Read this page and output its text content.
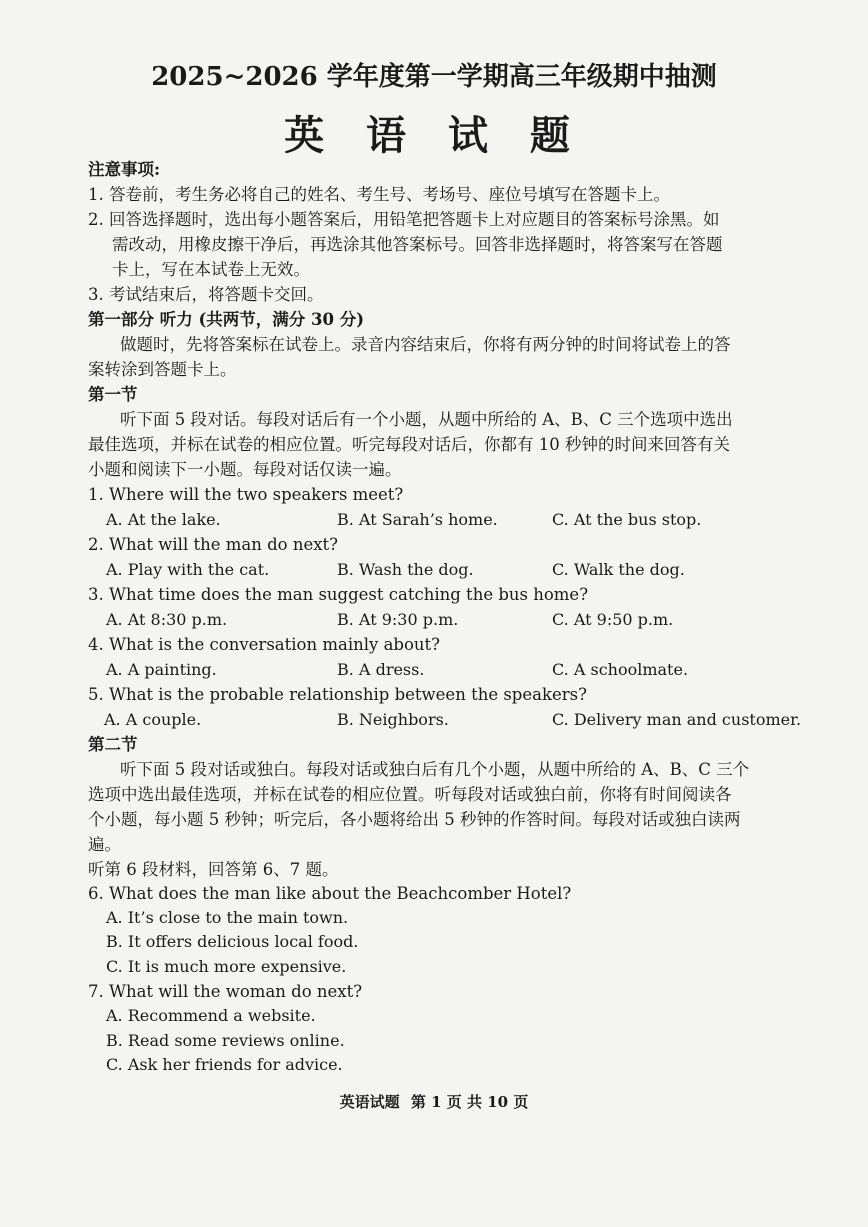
2025~2026 学年度第一学期高三年级期中抽测
英 语 试 题
注意事项:
1. 答卷前，考生务必将自己的姓名、考生号、考场号、座位号填写在答题卡上。
2. 回答选择题时，选出每小题答案后，用铅笔把答题卡上对应题目的答案标号涂黑。如
需改动，用橡皮擦干净后，再选涂其他答案标号。回答非选择题时，将答案写在答题
卡上，写在本试卷上无效。
3. 考试结束后，将答题卡交回。
第一部分 听力 (共两节，满分 30 分)
做题时，先将答案标在试卷上。录音内容结束后，你将有两分钟的时间将试卷上的答
案转涂到答题卡上。
第一节
听下面 5 段对话。每段对话后有一个小题，从题中所给的 A、B、C 三个选项中选出
最佳选项，并标在试卷的相应位置。听完每段对话后，你都有 10 秒钟的时间来回答有关
小题和阅读下一小题。每段对话仅读一遍。
1. Where will the two speakers meet?
A. At the lake.	B. At Sarah’s home.	C. At the bus stop.
2. What will the man do next?
A. Play with the cat.	B. Wash the dog.	C. Walk the dog.
3. What time does the man suggest catching the bus home?
A. At 8:30 p.m.	B. At 9:30 p.m.	C. At 9:50 p.m.
4. What is the conversation mainly about?
A. A painting.	B. A dress.	C. A schoolmate.
5. What is the probable relationship between the speakers?
A. A couple.	B. Neighbors.	C. Delivery man and customer.
第二节
听下面 5 段对话或独白。每段对话或独白后有几个小题，从题中所给的 A、B、C 三个
选项中选出最佳选项，并标在试卷的相应位置。听每段对话或独白前，你将有时间阅读各
个小题，每小题 5 秒钟；听完后，各小题将给出 5 秒钟的作答时间。每段对话或独白读两
遍。
听第 6 段材料，回答第 6、7 题。
6. What does the man like about the Beachcomber Hotel?
A. It’s close to the main town.
B. It offers delicious local food.
C. It is much more expensive.
7. What will the woman do next?
A. Recommend a website.
B. Read some reviews online.
C. Ask her friends for advice.
英语试题 第 1 页 共 10 页
